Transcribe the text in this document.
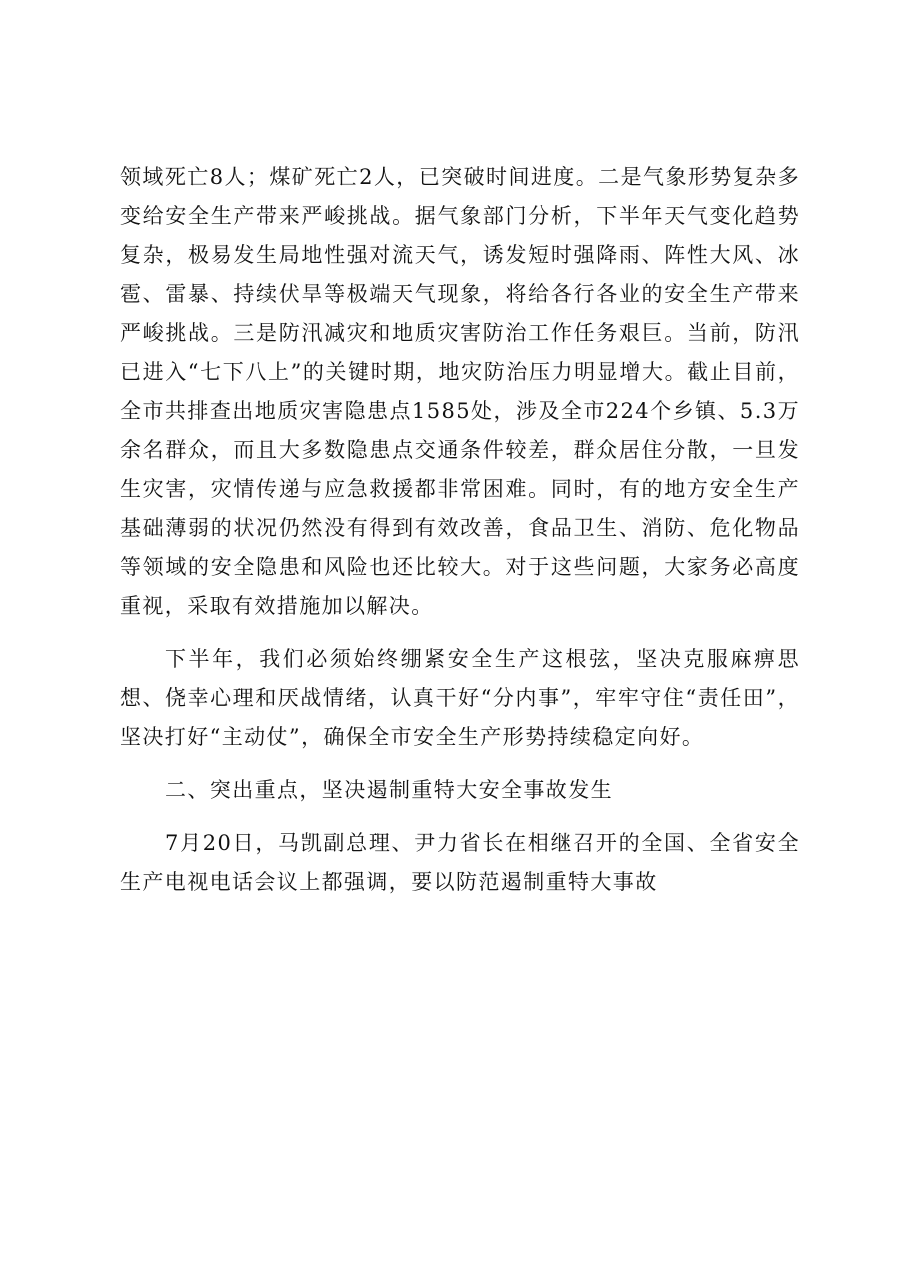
领域死亡8人；煤矿死亡2人，已突破时间进度。二是气象形势复杂多变给安全生产带来严峻挑战。据气象部门分析，下半年天气变化趋势复杂，极易发生局地性强对流天气，诱发短时强降雨、阵性大风、冰雹、雷暴、持续伏旱等极端天气现象，将给各行各业的安全生产带来严峻挑战。三是防汛减灾和地质灾害防治工作任务艰巨。当前，防汛已进入“七下八上”的关键时期，地灾防治压力明显增大。截止目前，全市共排查出地质灾害隐患点1585处，涉及全市224个乡镇、5.3万余名群众，而且大多数隐患点交通条件较差，群众居住分散，一旦发生灾害，灾情传递与应急救援都非常困难。同时，有的地方安全生产基础薄弱的状况仍然没有得到有效改善，食品卫生、消防、危化物品等领域的安全隐患和风险也还比较大。对于这些问题，大家务必高度重视，采取有效措施加以解决。

下半年，我们必须始终绷紧安全生产这根弦，坚决克服麻痹思想、侥幸心理和厌战情绪，认真干好“分内事”，牢牢守住“责任田”，坚决打好“主动仗”，确保全市安全生产形势持续稳定向好。

二、突出重点，坚决遏制重特大安全事故发生

7月20日，马凯副总理、尹力省长在相继召开的全国、全省安全生产电视电话会议上都强调，要以防范遏制重特大事故
